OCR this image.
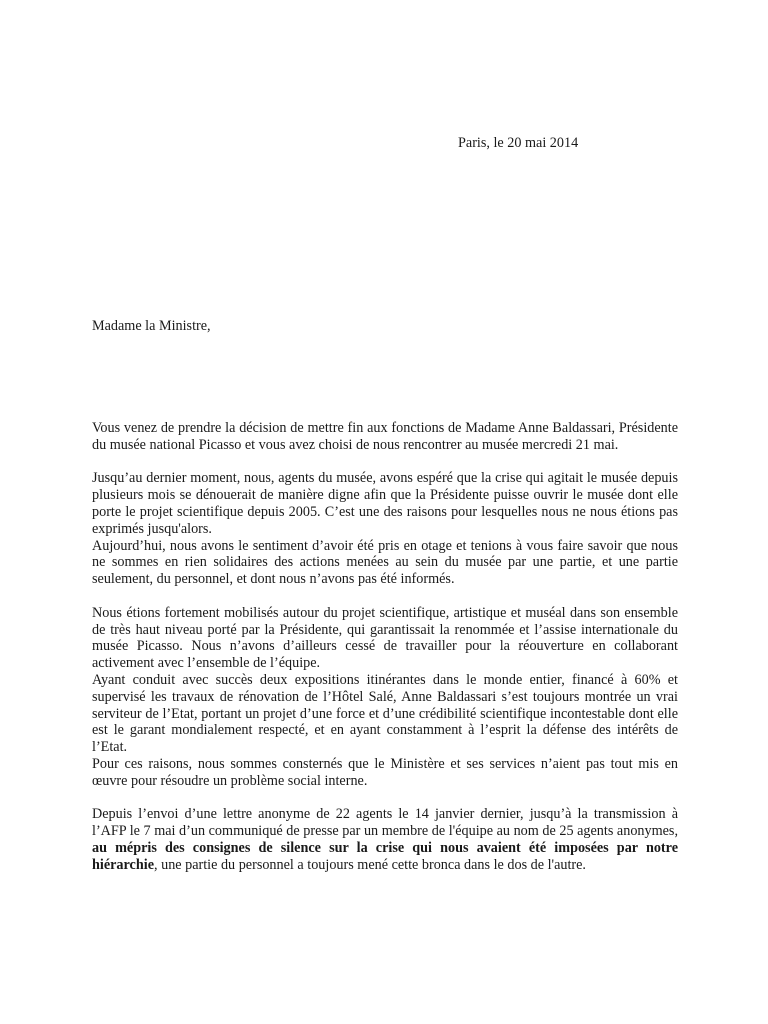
Paris, le 20 mai 2014
Madame la Ministre,

Vous venez de prendre la décision de mettre fin aux fonctions de Madame Anne Baldassari, Présidente du musée national Picasso et vous avez choisi de nous rencontrer au musée mercredi 21 mai.

Jusqu’au dernier moment, nous, agents du musée, avons espéré que la crise qui agitait le musée depuis plusieurs mois se dénouerait de manière digne afin que la Présidente puisse ouvrir le musée dont elle porte le projet scientifique depuis 2005. C’est une des raisons pour lesquelles nous ne nous étions pas exprimés jusqu'alors.

Aujourd’hui, nous avons le sentiment d’avoir été pris en otage et tenions à vous faire savoir que nous ne sommes en rien solidaires des actions menées au sein du musée par une partie, et une partie seulement, du personnel, et dont nous n’avons pas été informés.

Nous étions fortement mobilisés autour du projet scientifique, artistique et muséal dans son ensemble de très haut niveau porté par la Présidente, qui garantissait la renommée et l’assise internationale du musée Picasso. Nous n’avons d’ailleurs cessé de travailler pour la réouverture en collaborant activement avec l’ensemble de l’équipe.

Ayant conduit avec succès deux expositions itinérantes dans le monde entier, financé à 60% et supervisé les travaux de rénovation de l’Hôtel Salé, Anne Baldassari s’est toujours montrée un vrai serviteur de l’Etat, portant un projet d’une force et d’une crédibilité scientifique incontestable dont elle est le garant mondialement respecté, et en ayant constamment à l’esprit la défense des intérêts de l’Etat.

Pour ces raisons, nous sommes consternés que le Ministère et ses services n’aient pas tout mis en œuvre pour résoudre un problème social interne.

Depuis l’envoi d’une lettre anonyme de 22 agents le 14 janvier dernier, jusqu’à la transmission à l’AFP le 7 mai d’un communiqué de presse par un membre de l'équipe au nom de 25 agents anonymes, au mépris des consignes de silence sur la crise qui nous avaient été imposées par notre hiérarchie, une partie du personnel a toujours mené cette bronca dans le dos de l'autre.
